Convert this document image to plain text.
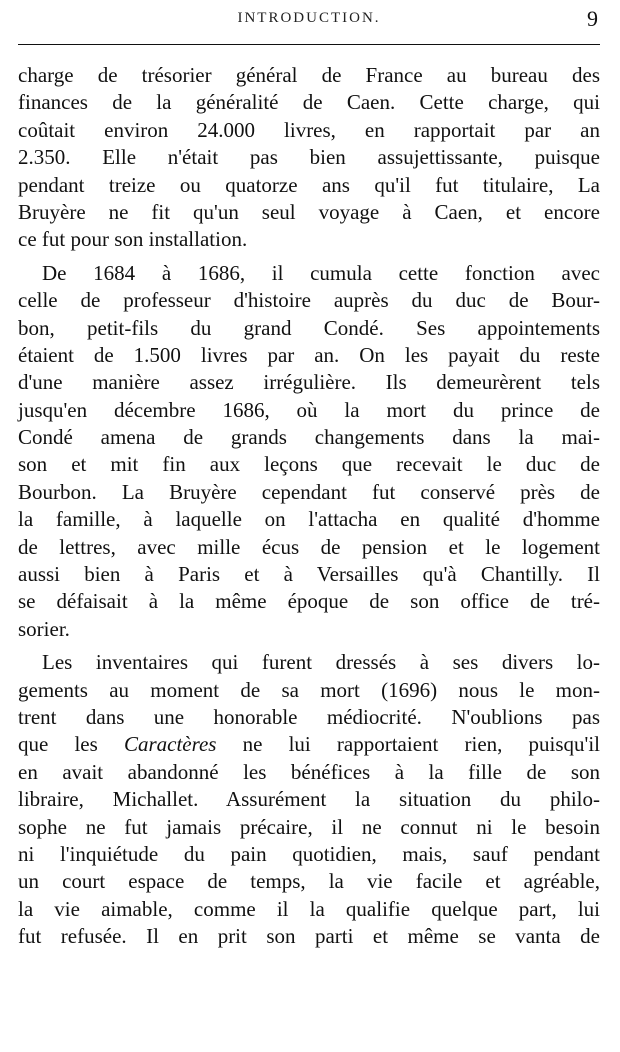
INTRODUCTION.	9
charge de trésorier général de France au bureau des
finances de la généralité de Caen. Cette charge, qui
coûtait environ 24.000 livres, en rapportait par an
2.350. Elle n'était pas bien assujettissante, puisque
pendant treize ou quatorze ans qu'il fut titulaire, La
Bruyère ne fit qu'un seul voyage à Caen, et encore
ce fut pour son installation.
De 1684 à 1686, il cumula cette fonction avec
celle de professeur d'histoire auprès du duc de Bour-
bon, petit-fils du grand Condé. Ses appointements
étaient de 1.500 livres par an. On les payait du reste
d'une manière assez irrégulière. Ils demeurèrent tels
jusqu'en décembre 1686, où la mort du prince de
Condé amena de grands changements dans la mai-
son et mit fin aux leçons que recevait le duc de
Bourbon. La Bruyère cependant fut conservé près de
la famille, à laquelle on l'attacha en qualité d'homme
de lettres, avec mille écus de pension et le logement
aussi bien à Paris et à Versailles qu'à Chantilly. Il
se défaisait à la même époque de son office de tré-
sorier.
Les inventaires qui furent dressés à ses divers lo-
gements au moment de sa mort (1696) nous le mon-
trent dans une honorable médiocrité. N'oublions pas
que les Caractères ne lui rapportaient rien, puisqu'il
en avait abandonné les bénéfices à la fille de son
libraire, Michallet. Assurément la situation du philo-
sophe ne fut jamais précaire, il ne connut ni le besoin
ni l'inquiétude du pain quotidien, mais, sauf pendant
un court espace de temps, la vie facile et agréable,
la vie aimable, comme il la qualifie quelque part, lui
fut refusée. Il en prit son parti et même se vanta de
